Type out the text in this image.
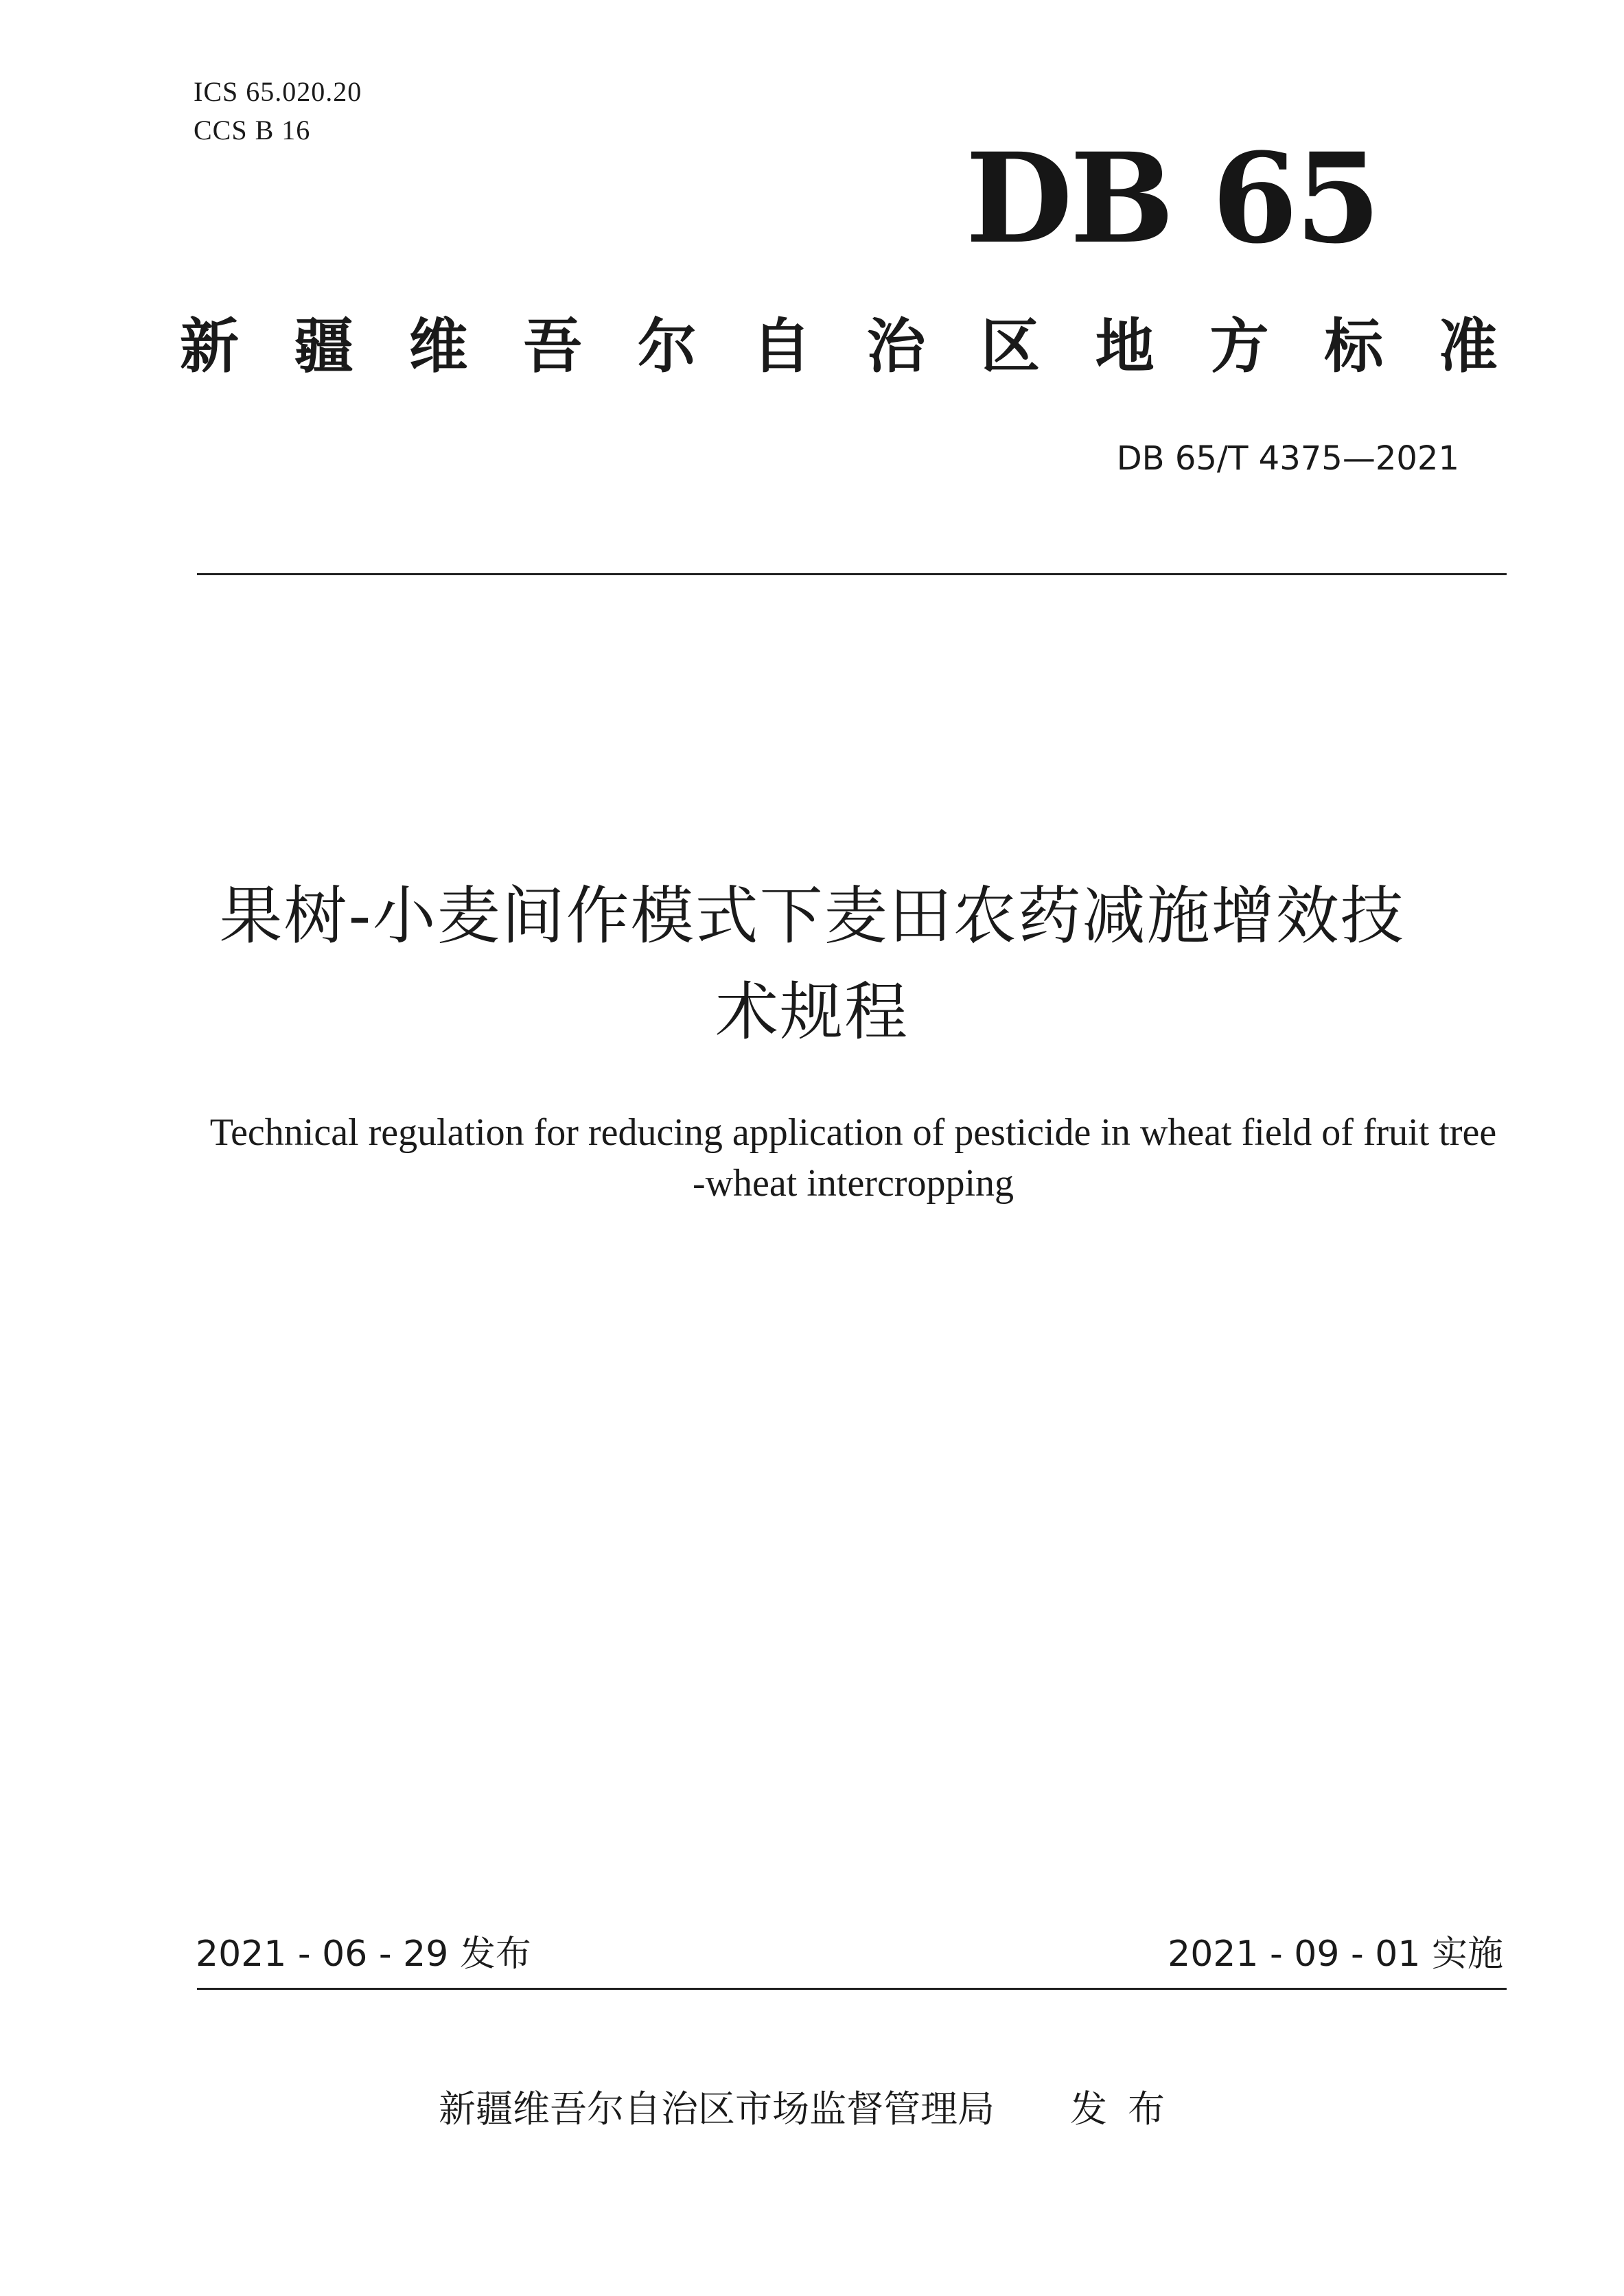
ICS 65.020.20
CCS B 16	DB 65
新 疆 维 吾 尔 自 治 区 地 方 标 准
DB 65/T 4375—2021
果树-小麦间作模式下麦田农药减施增效技
术规程
Technical regulation for reducing application of pesticide in wheat field of fruit tree
-wheat intercropping
2021 - 06 - 29 发布	2021 - 09 - 01 实施
新疆维吾尔自治区市场监督管理局 发布
